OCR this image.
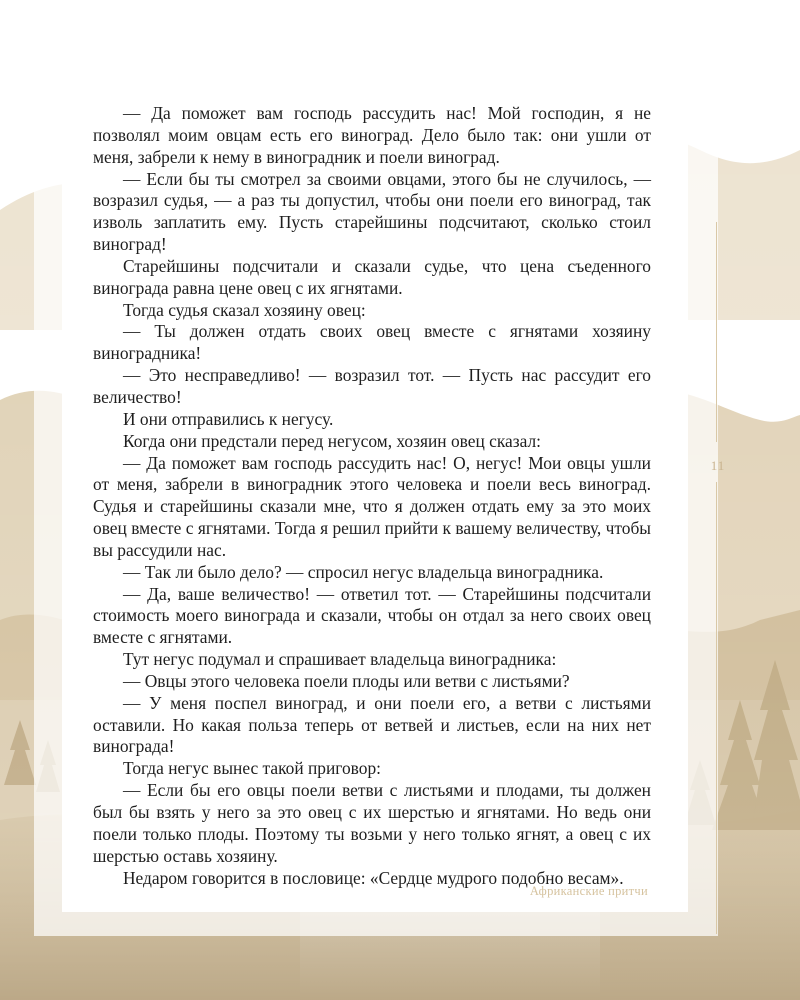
11

— Да поможет вам господь рассудить нас! Мой господин, я не позволял моим овцам есть его виноград. Дело было так: они ушли от меня, забрели к нему в виноградник и поели виноград.

— Если бы ты смотрел за своими овцами, этого бы не случилось, — возразил судья, — а раз ты допустил, чтобы они поели его виноград, так изволь заплатить ему. Пусть старейшины подсчитают, сколько стоил виноград!

Старейшины подсчитали и сказали судье, что цена съеденного винограда равна цене овец с их ягнятами.

Тогда судья сказал хозяину овец:

— Ты должен отдать своих овец вместе с ягнятами хозяину виноградника!

— Это несправедливо! — возразил тот. — Пусть нас рассудит его величество!

И они отправились к негусу.

Когда они предстали перед негусом, хозяин овец сказал:

— Да поможет вам господь рассудить нас! О, негус! Мои овцы ушли от меня, забрели в виноградник этого человека и поели весь виноград. Судья и старейшины сказали мне, что я должен отдать ему за это моих овец вместе с ягнятами. Тогда я решил прийти к вашему величеству, чтобы вы рассудили нас.

— Так ли было дело? — спросил негус владельца виноградника.

— Да, ваше величество! — ответил тот. — Старейшины подсчитали стоимость моего винограда и сказали, чтобы он отдал за него своих овец вместе с ягнятами.

Тут негус подумал и спрашивает владельца виноградника:

— Овцы этого человека поели плоды или ветви с листьями?

— У меня поспел виноград, и они поели его, а ветви с листьями оставили. Но какая польза теперь от ветвей и листьев, если на них нет винограда!

Тогда негус вынес такой приговор:

— Если бы его овцы поели ветви с листьями и плодами, ты должен был бы взять у него за это овец с их шерстью и ягнятами. Но ведь они поели только плоды. Поэтому ты возьми у него только ягнят, а овец с их шерстью оставь хозяину.

Недаром говорится в пословице: «Сердце мудрого подобно весам».

Африканские притчи
